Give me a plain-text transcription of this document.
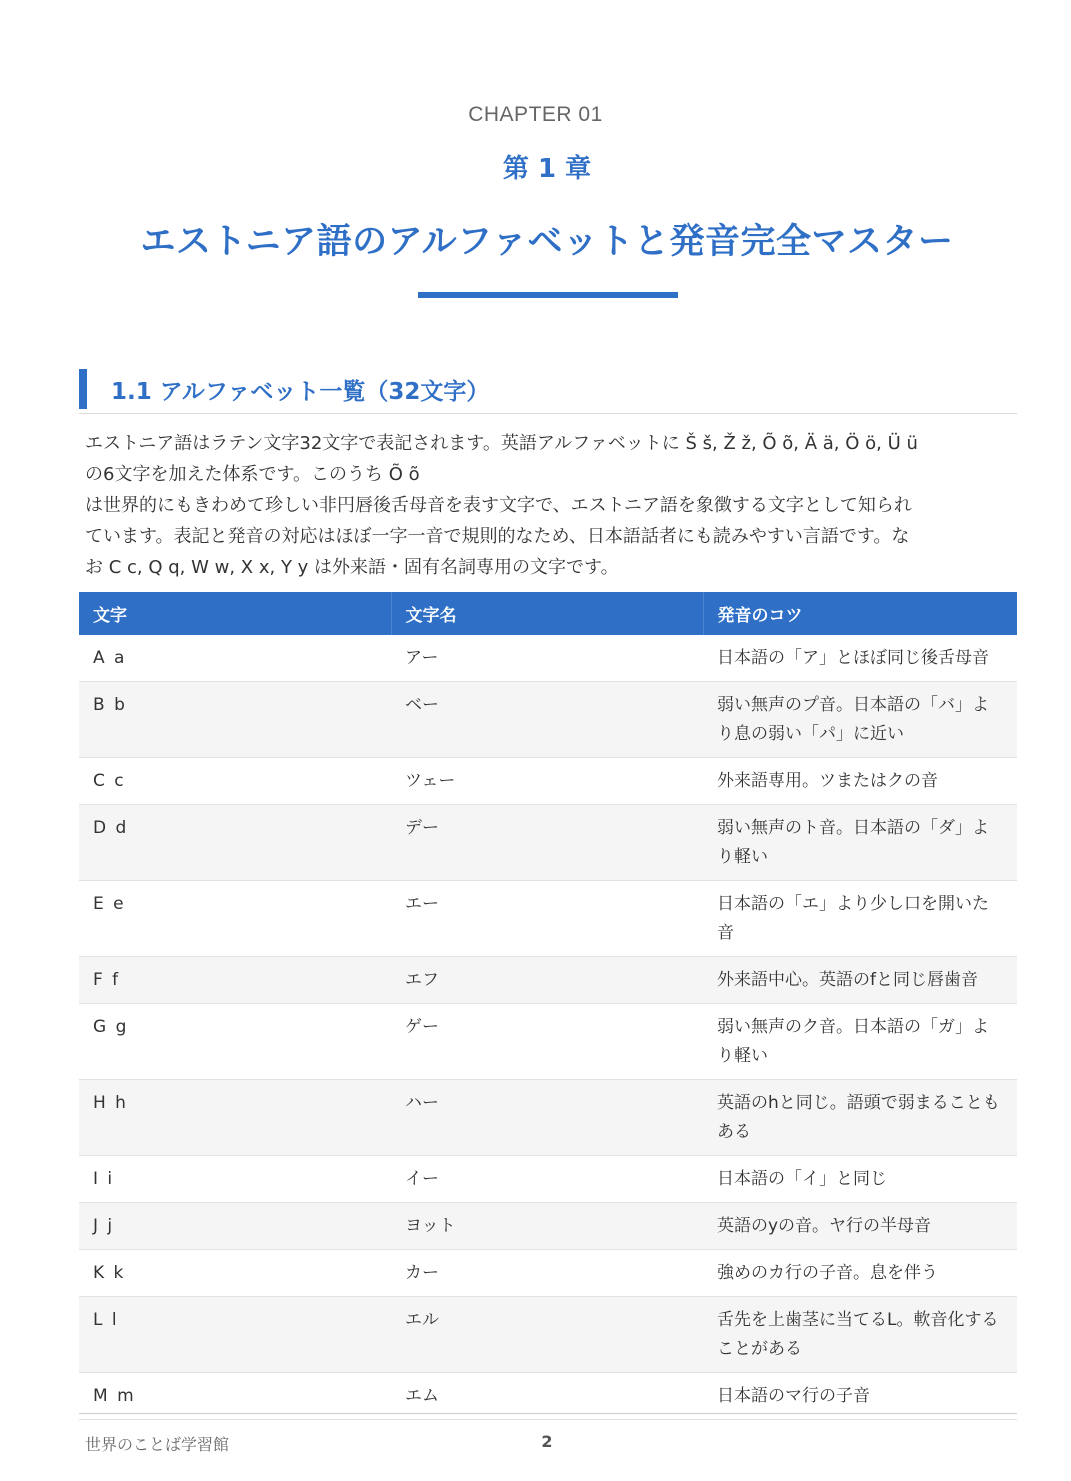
CHAPTER 01
第 1 章
エストニア語のアルファベットと発音完全マスター
1.1 アルファベット一覧（32文字）
エストニア語はラテン文字32文字で表記されます。英語アルファベットに Š š, Ž ž, Õ õ, Ä ä, Ö ö, Ü ü
の6文字を加えた体系です。このうち Õ õ
は世界的にもきわめて珍しい非円唇後舌母音を表す文字で、エストニア語を象徴する文字として知られ
ています。表記と発音の対応はほぼ一字一音で規則的なため、日本語話者にも読みやすい言語です。な
お C c, Q q, W w, X x, Y y は外来語・固有名詞専用の文字です。
文字	文字名	発音のコツ
A a	アー	日本語の「ア」とほぼ同じ後舌母音
B b	ベー	弱い無声のプ音。日本語の「バ」より息の弱い「パ」に近い
C c	ツェー	外来語専用。ツまたはクの音
D d	デー	弱い無声のト音。日本語の「ダ」より軽い
E e	エー	日本語の「エ」より少し口を開いた音
F f	エフ	外来語中心。英語のfと同じ唇歯音
G g	ゲー	弱い無声のク音。日本語の「ガ」より軽い
H h	ハー	英語のhと同じ。語頭で弱まることもある
I i	イー	日本語の「イ」と同じ
J j	ヨット	英語のyの音。ヤ行の半母音
K k	カー	強めのカ行の子音。息を伴う
L l	エル	舌先を上歯茎に当てるL。軟音化することがある
M m	エム	日本語のマ行の子音
世界のことば学習館	2
